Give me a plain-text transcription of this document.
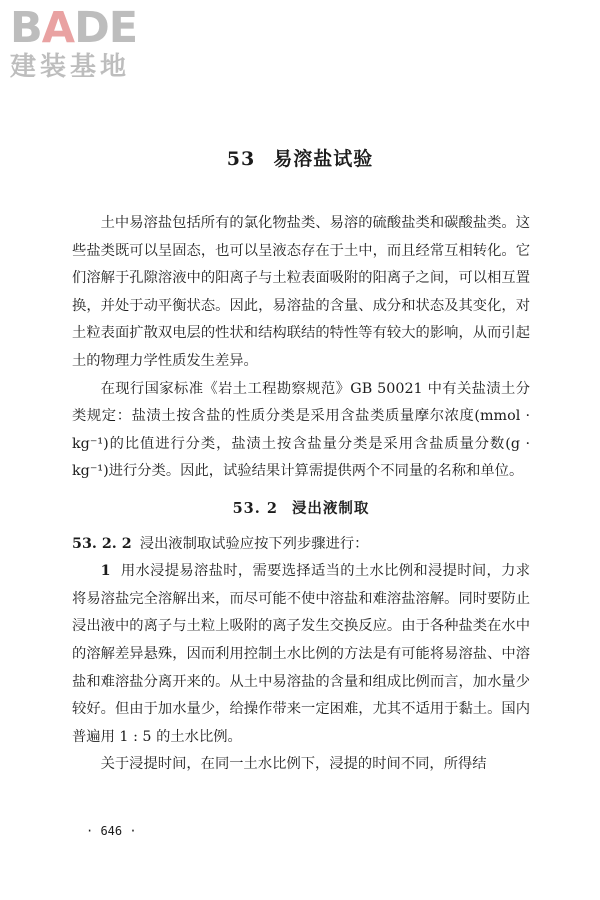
BADE
建装基地
53 易溶盐试验

土中易溶盐包括所有的氯化物盐类、易溶的硫酸盐类和碳酸盐类。这些盐类既可以呈固态，也可以呈液态存在于土中，而且经常互相转化。它们溶解于孔隙溶液中的阳离子与土粒表面吸附的阳离子之间，可以相互置换，并处于动平衡状态。因此，易溶盐的含量、成分和状态及其变化，对土粒表面扩散双电层的性状和结构联结的特性等有较大的影响，从而引起土的物理力学性质发生差异。

在现行国家标准《岩土工程勘察规范》GB 50021 中有关盐渍土分类规定：盐渍土按含盐的性质分类是采用含盐类质量摩尔浓度(mmol · kg⁻¹)的比值进行分类，盐渍土按含盐量分类是采用含盐质量分数(g · kg⁻¹)进行分类。因此，试验结果计算需提供两个不同量的名称和单位。

53. 2 浸出液制取

53. 2. 2 浸出液制取试验应按下列步骤进行：

1 用水浸提易溶盐时，需要选择适当的土水比例和浸提时间，力求将易溶盐完全溶解出来，而尽可能不使中溶盐和难溶盐溶解。同时要防止浸出液中的离子与土粒上吸附的离子发生交换反应。由于各种盐类在水中的溶解差异悬殊，因而利用控制土水比例的方法是有可能将易溶盐、中溶盐和难溶盐分离开来的。从土中易溶盐的含量和组成比例而言，加水量少较好。但由于加水量少，给操作带来一定困难，尤其不适用于黏土。国内普遍用 1 : 5 的土水比例。

关于浸提时间，在同一土水比例下，浸提的时间不同，所得结

· 646 ·
